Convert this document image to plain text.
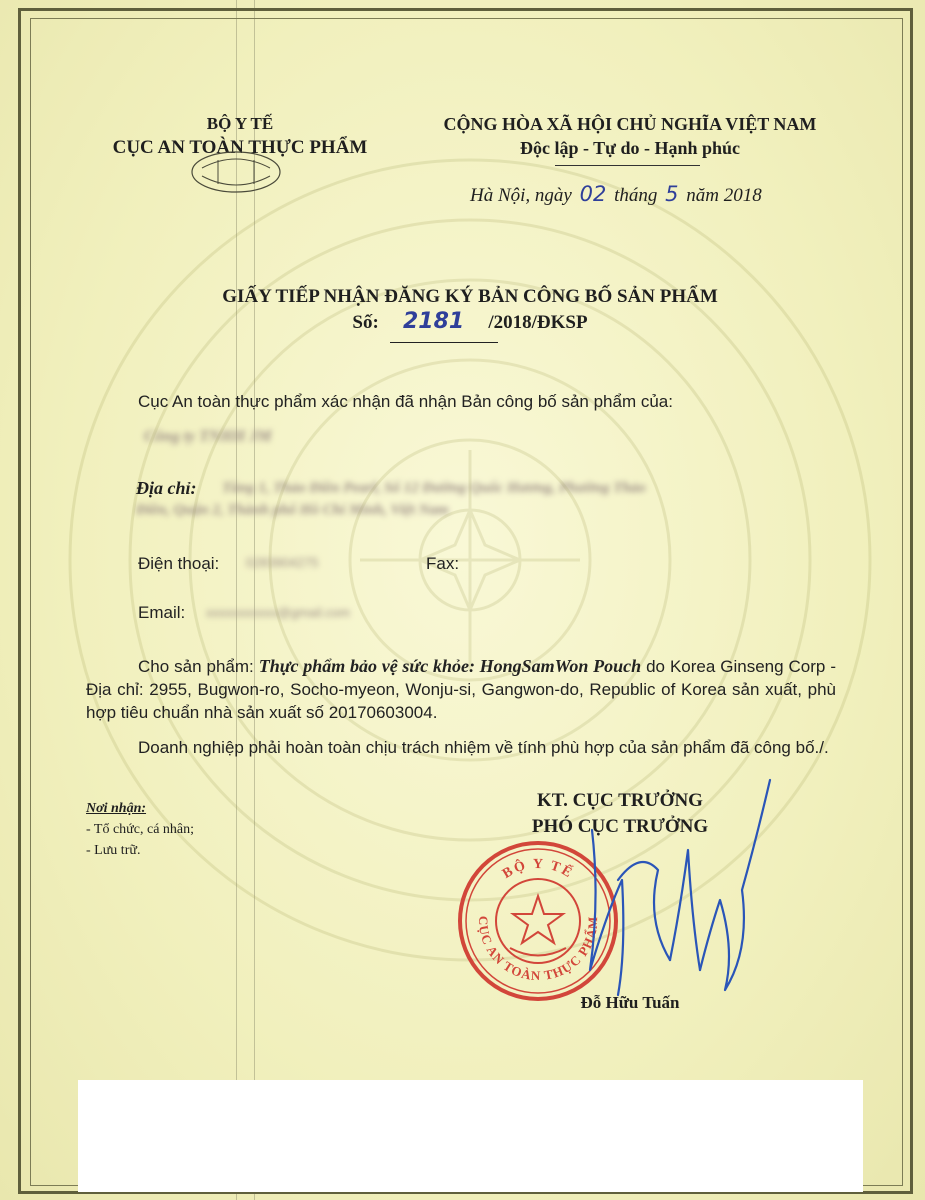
BỘ Y TẾ
CỤC AN TOÀN THỰC PHẨM
CỘNG HÒA XÃ HỘI CHỦ NGHĨA VIỆT NAM
Độc lập - Tự do - Hạnh phúc
Hà Nội, ngày 02 tháng 5 năm 2018
GIẤY TIẾP NHẬN ĐĂNG KÝ BẢN CÔNG BỐ SẢN PHẨM
Số: 2181 /2018/ĐKSP
Cục An toàn thực phẩm xác nhận đã nhận Bản công bố sản phẩm của:
Công ty TNHH JM
Địa chỉ: Tầng 1, Thảo Điền Pearl, Số 12 Đường Quốc Hương, Phường Thảo
Điền, Quận 2, Thành phố Hồ Chí Minh, Việt Nam
Điện thoại: 0283904275	Fax:
Email: xxxxxxxxxxx@gmail.com
Cho sản phẩm: Thực phẩm bảo vệ sức khỏe: HongSamWon Pouch do Korea Ginseng Corp - Địa chỉ: 2955, Bugwon-ro, Socho-myeon, Wonju-si, Gangwon-do, Republic of Korea sản xuất, phù hợp tiêu chuẩn nhà sản xuất số 20170603004.
Doanh nghiệp phải hoàn toàn chịu trách nhiệm về tính phù hợp của sản phẩm đã công bố./.
Nơi nhận:
- Tổ chức, cá nhân;
- Lưu trữ.
KT. CỤC TRƯỞNG
PHÓ CỤC TRƯỞNG
BỘ Y TẾ
CỤC AN TOÀN THỰC PHẨM
Đỗ Hữu Tuấn
